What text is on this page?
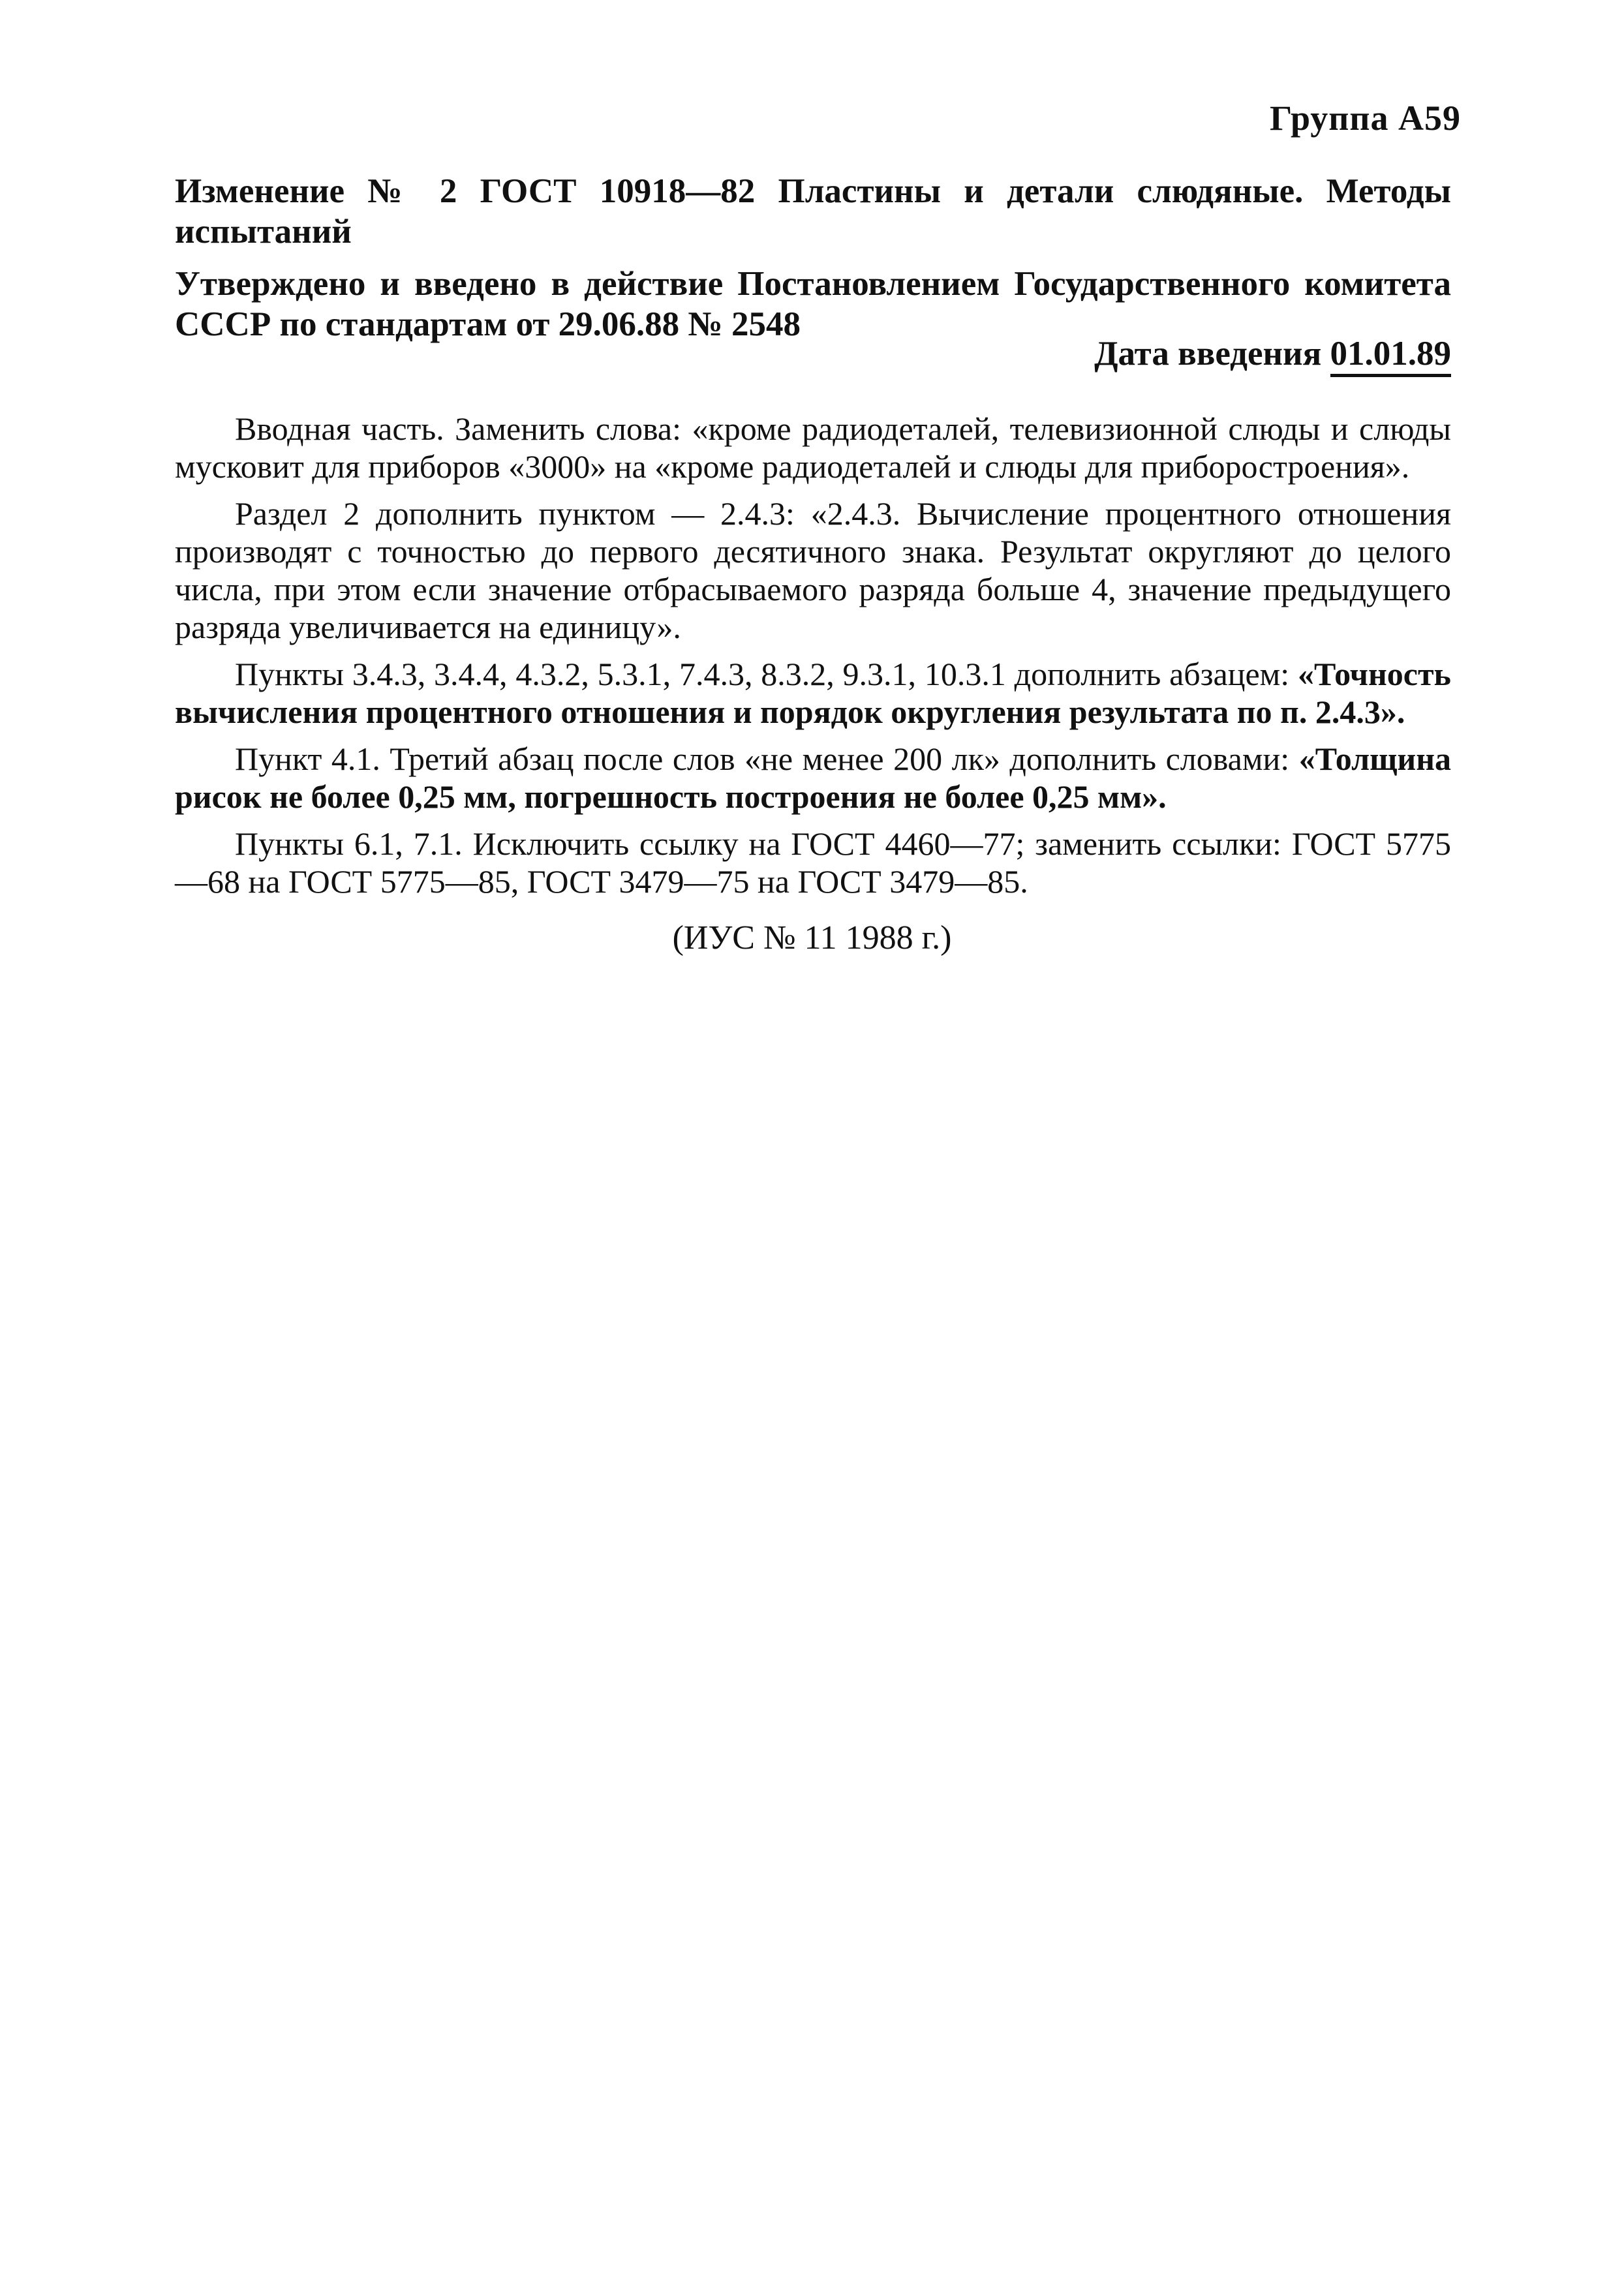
Группа А59
Изменение № 2 ГОСТ 10918—82 Пластины и детали слюдяные. Методы испытаний
Утверждено и введено в действие Постановлением Государственного комитета СССР по стандартам от 29.06.88 № 2548
Дата введения 01.01.89

Вводная часть. Заменить слова: «кроме радиодеталей, телевизионной слюды и слюды мусковит для приборов «3000» на «кроме радиодеталей и слюды для приборостроения».

Раздел 2 дополнить пунктом — 2.4.3: «2.4.3. Вычисление процентного отношения производят с точностью до первого десятичного знака. Результат округляют до целого числа, при этом если значение отбрасываемого разряда больше 4, значение предыдущего разряда увеличивается на единицу».

Пункты 3.4.3, 3.4.4, 4.3.2, 5.3.1, 7.4.3, 8.3.2, 9.3.1, 10.3.1 дополнить абзацем: «Точность вычисления процентного отношения и порядок округления результата по п. 2.4.3».

Пункт 4.1. Третий абзац после слов «не менее 200 лк» дополнить словами: «Толщина рисок не более 0,25 мм, погрешность построения не более 0,25 мм».

Пункты 6.1, 7.1. Исключить ссылку на ГОСТ 4460—77; заменить ссылки: ГОСТ 5775—68 на ГОСТ 5775—85, ГОСТ 3479—75 на ГОСТ 3479—85.

(ИУС № 11 1988 г.)
